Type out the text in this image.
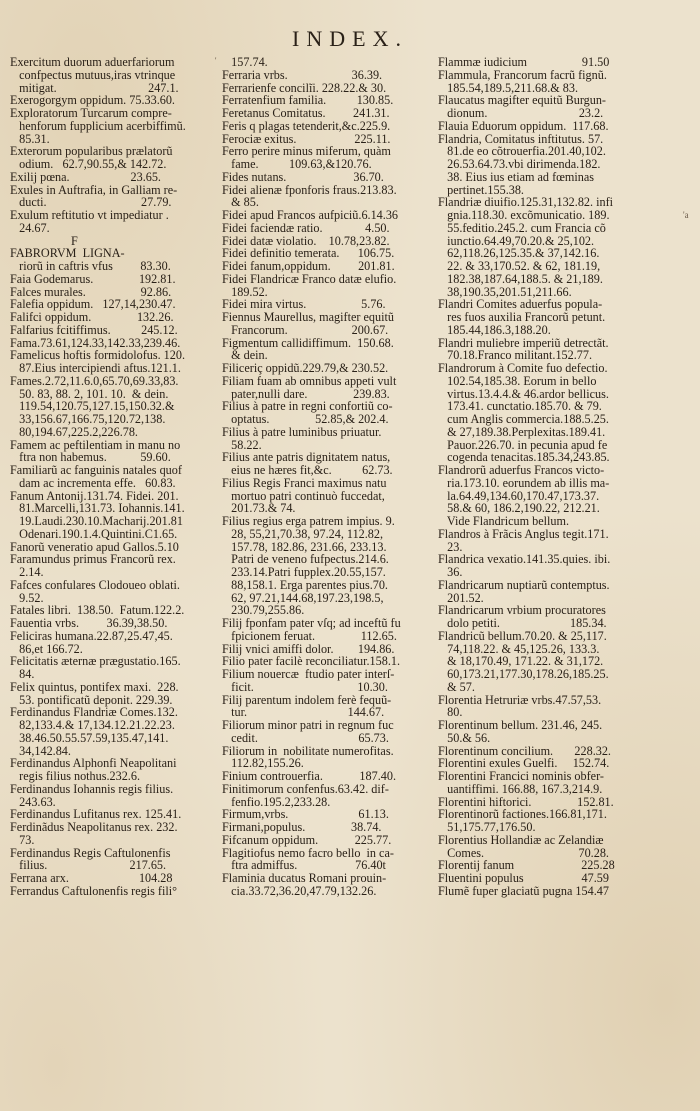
INDEX.
'
'a
Exercitum duorum aduerfariorum
confpectus mutuus,iras vtrinque
mitigat.                              247.1.
Exerogorgym oppidum. 75.33.60.
Exploratorum Turcarum compre-
henforum fupplicium acerbiffimũ.
85.31.
Exterorum popularibus prælatorũ
odium.   62.7,90.55,& 142.72.
Exilij pœna.                    23.65.
Exules in Auftrafia, in Galliam re-
ducti.                               27.79.
Exulum reftitutio vt impediatur .
24.67.
F
FABRORVM  LIGNA-
riorũ in caftris vfus         83.30.
Faia Godemarus.               192.81.
Falces murales.                  92.86.
Falefia oppidum.   127,14,230.47.
Falifci oppidum.               132.26.
Falfarius fcitiffimus.          245.12.
Fama.73.61,124.33,142.33,239.46.
Famelicus hoftis formidolofus. 120.
87.Eius intercipiendi aftus.121.1.
Fames.2.72,11.6.0,65.70,69.33,83.
50. 83, 88. 2, 101. 10.  & dein.
119.54,120.75,127.15,150.32.&
33,156.67,166.75,120.72,138.
80,194.67,225.2,226.78.
Famem ac peftilentiam in manu no
ftra non habemus.           59.60.
Familiarũ ac fanguinis natales quof
dam ac incrementa effe.   60.83.
Fanum Antonij.131.74. Fidei. 201.
81.Marcelli,131.73. Iohannis.141.
19.Laudi.230.10.Macharij.201.81
Odenari.190.1.4.Quintini.C1.65.
Fanorũ veneratio apud Gallos.5.10
Faramundus primus Francorũ rex.
2.14.
Fafces confulares Clodoueo oblati.
9.52.
Fatales libri.  138.50.  Fatum.122.2.
Fauentia vrbs.         36.39,38.50.
Feliciras humana.22.87,25.47,45.
86,et 166.72.
Felicitatis æternæ prægustatio.165.
84.
Felix quintus, pontifex maxi.  228.
53. pontificatũ deponit. 229.39.
Ferdinandus Flandriæ Comes.132.
82,133.4.& 17,134.12.21.22.23.
38.46.50.55.57.59,135.47,141.
34,142.84.
Ferdinandus Alphonfi Neapolitani
regis filius nothus.232.6.
Ferdinandus Iohannis regis filius.
243.63.
Ferdinandus Lufitanus rex. 125.41.
Ferdinãdus Neapolitanus rex. 232.
73.
Ferdinandus Regis Caftulonenfis
filius.                           217.65.
Ferrana arx.                       104.28
Ferrandus Caftulonenfis regis fili°
157.74.
Ferraria vrbs.                     36.39.
Ferrarienfe concilĩi. 228.22.& 30.
Ferratenfium familia.          130.85.
Feretanus Comitatus.         241.31.
Feris q plagas tetenderit,&c.225.9.
Ferociæ exitus.                   225.11.
Ferro perire minus miferum, quàm
fame.          109.63,&120.76.
Fides nutans.                      36.70.
Fidei alienæ fponforis fraus.213.83.
& 85.
Fidei apud Francos aufpiciũ.6.14.36
Fidei faciendæ ratio.              4.50.
Fidei datæ violatio.    10.78,23.82.
Fidei definitio temerata.      106.75.
Fidei fanum,oppidum.         201.81.
Fidei Flandricæ Franco datæ elufio.
189.52.
Fidei mira virtus.                  5.76.
Fiennus Maurellus, magifter equitũ
Francorum.                     200.67.
Figmentum callidiffimum.  150.68.
& dein.
Filiceriç oppidũ.229.79,& 230.52.
Filiam fuam ab omnibus appeti vult
pater,nulli dare.               239.83.
Filius à patre in regni confortiũ co-
optatus.               52.85,& 202.4.
Filius à patre luminibus priuatur.
58.22.
Filius ante patris dignitatem natus,
eius ne hæres fit,&c.          62.73.
Filius Regis Franci maximus natu
mortuo patri continuò fuccedat,
201.73.& 74.
Filius regius erga patrem impius. 9.
28, 55,21,70.38, 97.24, 112.82,
157.78, 182.86, 231.66, 233.13.
Patri de veneno fufpectus.214.6.
233.14.Patri fupplex.20.55,157.
88,158.1. Erga parentes pius.70.
62, 97.21,144.68,197.23,198.5,
230.79,255.86.
Filij fponfam pater vſq; ad inceftũ fu
fpicionem feruat.               112.65.
Filij vnici amiffi dolor.        194.86.
Filio pater facilè reconciliatur.158.1.
Filium nouercæ  ftudio pater interſ-
ficit.                                  10.30.
Filij parentum indolem ferè fequũ-
tur.                                 144.67.
Filiorum minor patri in regnum fuc
cedit.                                 65.73.
Filiorum in  nobilitate numerofitas.
112.82,155.26.
Finium controuerfia.            187.40.
Finitimorum confenfus.63.42. dif-
fenfio.195.2,233.28.
Firmum,vrbs.                       61.13.
Firmani,populus.               38.74.
Fifcanum oppidum.            225.77.
Flagitiofus nemo facro bello  in ca-
ftra admiffus.                   76.40t
Flaminia ducatus Romani prouin-
cia.33.72,36.20,47.79,132.26.
Flammæ iudicium                  91.50
Flammula, Francorum facrũ fignũ.
185.54,189.5,211.68.& 83.
Flaucatus magifter equitũ Burgun-
dionum.                              23.2.
Flauia Eduorum oppidum.  117.68.
Flandria, Comitatus inftitutus. 57.
81.de eo cõtrouerfia.201.40,102.
26.53.64.73.vbi dirimenda.182.
38. Eius ius etiam ad fœminas
pertinet.155.38.
Flandriæ diuifio.125.31,132.82. infi
gnia.118.30. excõmunicatio. 189.
55.feditio.245.2. cum Francia cõ
iunctio.64.49,70.20.& 25,102.
62,118.26,125.35.& 37,142.16.
22. & 33,170.52. & 62, 181.19,
182.38,187.64,188.5. & 21,189.
38,190.35,201.51,211.66.
Flandri Comites aduerfus popula-
res fuos auxilia Francorũ petunt.
185.44,186.3,188.20.
Flandri muliebre imperiũ detrectãt.
70.18.Franco militant.152.77.
Flandrorum à Comite fuo defectio.
102.54,185.38. Eorum in bello
virtus.13.4.4.& 46.ardor bellicus.
173.41. cunctatio.185.70. & 79.
cum Anglis commercia.188.5.25.
& 27,189.38.Perplexitas.189.41.
Pauor.226.70. in pecunia apud fe
cogenda tenacitas.185.34,243.85.
Flandrorũ aduerfus Francos victo-
ria.173.10. eorundem ab illis ma-
la.64.49,134.60,170.47,173.37.
58.& 60, 186.2,190.22, 212.21.
Vide Flandricum bellum.
Flandros à Frãcis Anglus tegit.171.
23.
Flandrica vexatio.141.35.quies. ibi.
36.
Flandricarum nuptiarũ contemptus.
201.52.
Flandricarum vrbium procuratores
dolo petiti.                       185.34.
Flandricũ bellum.70.20. & 25,117.
74,118.22. & 45,125.26, 133.3.
& 18,170.49, 171.22. & 31,172.
60,173.21,177.30,178.26,185.25.
& 57.
Florentia Hetruriæ vrbs.47.57,53.
80.
Florentinum bellum. 231.46, 245.
50.& 56.
Florentinum concilium.       228.32.
Florentini exules Guelfi.     152.74.
Florentini Francici nominis obfer-
uantiffimi. 166.88, 167.3,214.9.
Florentini hiftorici.               152.81.
Florentinorũ factiones.166.81,171.
51,175.77,176.50.
Florentius Hollandiæ ac Zelandiæ
Comes.                               70.28.
Florentij fanum                      225.28
Fluentini populus                   47.59
Flumẽ fuper glaciatũ pugna 154.47
